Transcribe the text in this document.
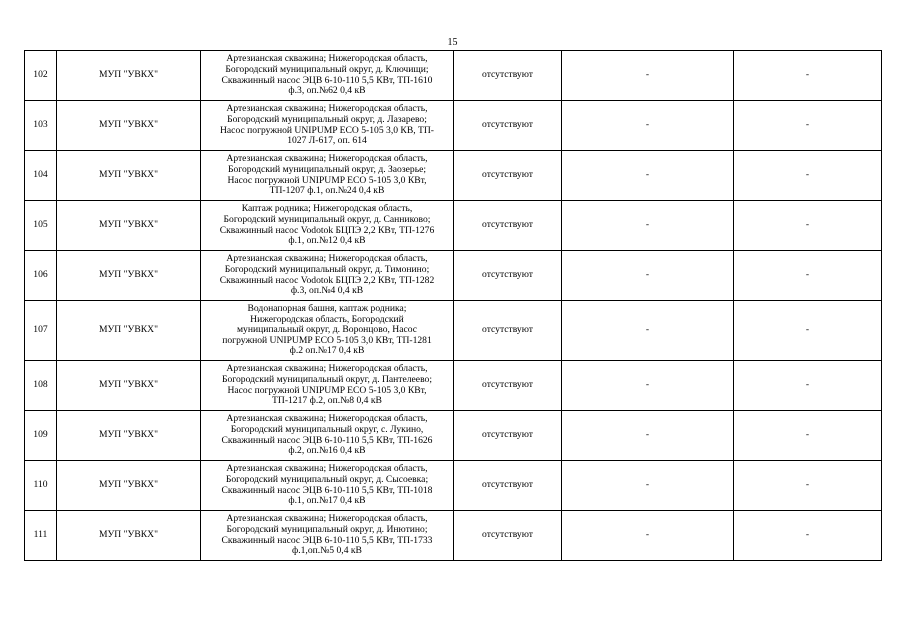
15
102	МУП "УВКХ"	Артезианская скважина; Нижегородская область,
Богородский муниципальный округ, д. Ключищи;
Скважинный насос ЭЦВ 6-10-110 5,5 КВт, ТП-1610
ф.3, оп.№62 0,4 кВ	отсутствуют	-	-
103	МУП "УВКХ"	Артезианская скважина; Нижегородская область,
Богородский муниципальный округ, д. Лазарево;
Насос погружной UNIPUMP ECO 5-105 3,0 КВ, ТП-
1027 Л-617, оп. 614	отсутствуют	-	-
104	МУП "УВКХ"	Артезианская скважина; Нижегородская область,
Богородский муниципальный округ, д. Заозерье;
Насос погружной UNIPUMP ECO 5-105 3,0 КВт,
ТП-1207 ф.1, оп.№24 0,4 кВ	отсутствуют	-	-
105	МУП "УВКХ"	Каптаж родника; Нижегородская область,
Богородский муниципальный округ, д. Санниково;
Скважинный насос Vodotok БЦПЭ 2,2 КВт, ТП-1276
ф.1, оп.№12 0,4 кВ	отсутствуют	-	-
106	МУП "УВКХ"	Артезианская скважина; Нижегородская область,
Богородский муниципальный округ, д. Тимонино;
Скважинный насос Vodotok БЦПЭ 2,2 КВт, ТП-1282
ф.3, оп.№4 0,4 кВ	отсутствуют	-	-
107	МУП "УВКХ"	Водонапорная башня, каптаж родника;
Нижегородская область, Богородский
муниципальный округ, д. Воронцово, Насос
погружной UNIPUMP ECO 5-105 3,0 КВт, ТП-1281
ф.2 оп.№17 0,4 кВ	отсутствуют	-	-
108	МУП "УВКХ"	Артезианская скважина; Нижегородская область,
Богородский муниципальный округ, д. Пантелеево;
Насос погружной UNIPUMP ECO 5-105 3,0 КВт,
ТП-1217 ф.2, оп.№8 0,4 кВ	отсутствуют	-	-
109	МУП "УВКХ"	Артезианская скважина; Нижегородская область,
Богородский муниципальный округ, с. Лукино,
Скважинный насос ЭЦВ 6-10-110 5,5 КВт, ТП-1626
ф.2, оп.№16 0,4 кВ	отсутствуют	-	-
110	МУП "УВКХ"	Артезианская скважина; Нижегородская область,
Богородский муниципальный округ, д. Сысоевка;
Скважинный насос ЭЦВ 6-10-110 5,5 КВт, ТП-1018
ф.1, оп.№17 0,4 кВ	отсутствуют	-	-
111	МУП "УВКХ"	Артезианская скважина; Нижегородская область,
Богородский муниципальный округ, д. Инютино;
Скважинный насос ЭЦВ 6-10-110 5,5 КВт, ТП-1733
ф.1,оп.№5 0,4 кВ	отсутствуют	-	-
